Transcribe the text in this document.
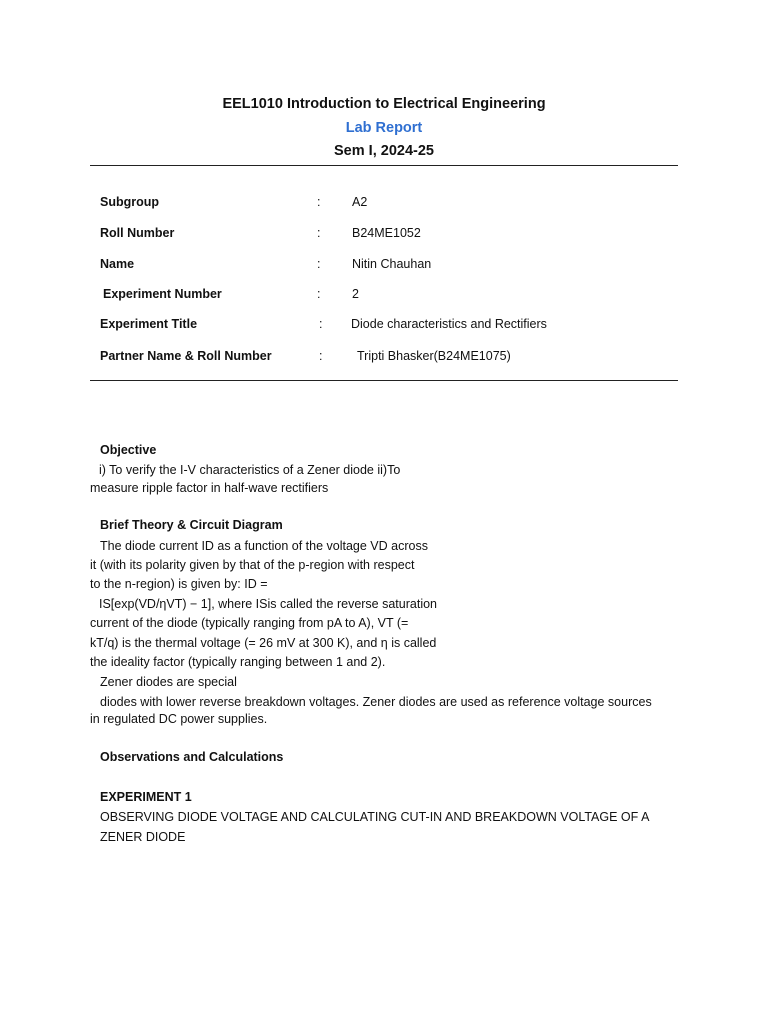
EEL1010 Introduction to Electrical Engineering
Lab Report
Sem I, 2024-25
Subgroup	:	A2
Roll Number	:	B24ME1052
Name	:	Nitin Chauhan
Experiment Number	:	2
Experiment Title	: Diode characteristics and Rectifiers
Partner Name & Roll Number	:	Tripti Bhasker(B24ME1075)
Objective
i) To verify the I-V characteristics of a Zener diode ii)To
measure ripple factor in half-wave rectifiers
Brief Theory & Circuit Diagram
The diode current ID as a function of the voltage VD across
it (with its polarity given by that of the p-region with respect
to the n-region) is given by: ID =
IS[exp(VD/ηVT) − 1], where ISis called the reverse saturation
current of the diode (typically ranging from pA to A), VT (=
kT/q) is the thermal voltage (= 26 mV at 300 K), and η is called
the ideality factor (typically ranging between 1 and 2).
Zener diodes are special
diodes with lower reverse breakdown voltages. Zener diodes are used as reference voltage sources
in regulated DC power supplies.
Observations and Calculations
EXPERIMENT 1
OBSERVING DIODE VOLTAGE AND CALCULATING CUT-IN AND BREAKDOWN VOLTAGE OF A
ZENER DIODE
